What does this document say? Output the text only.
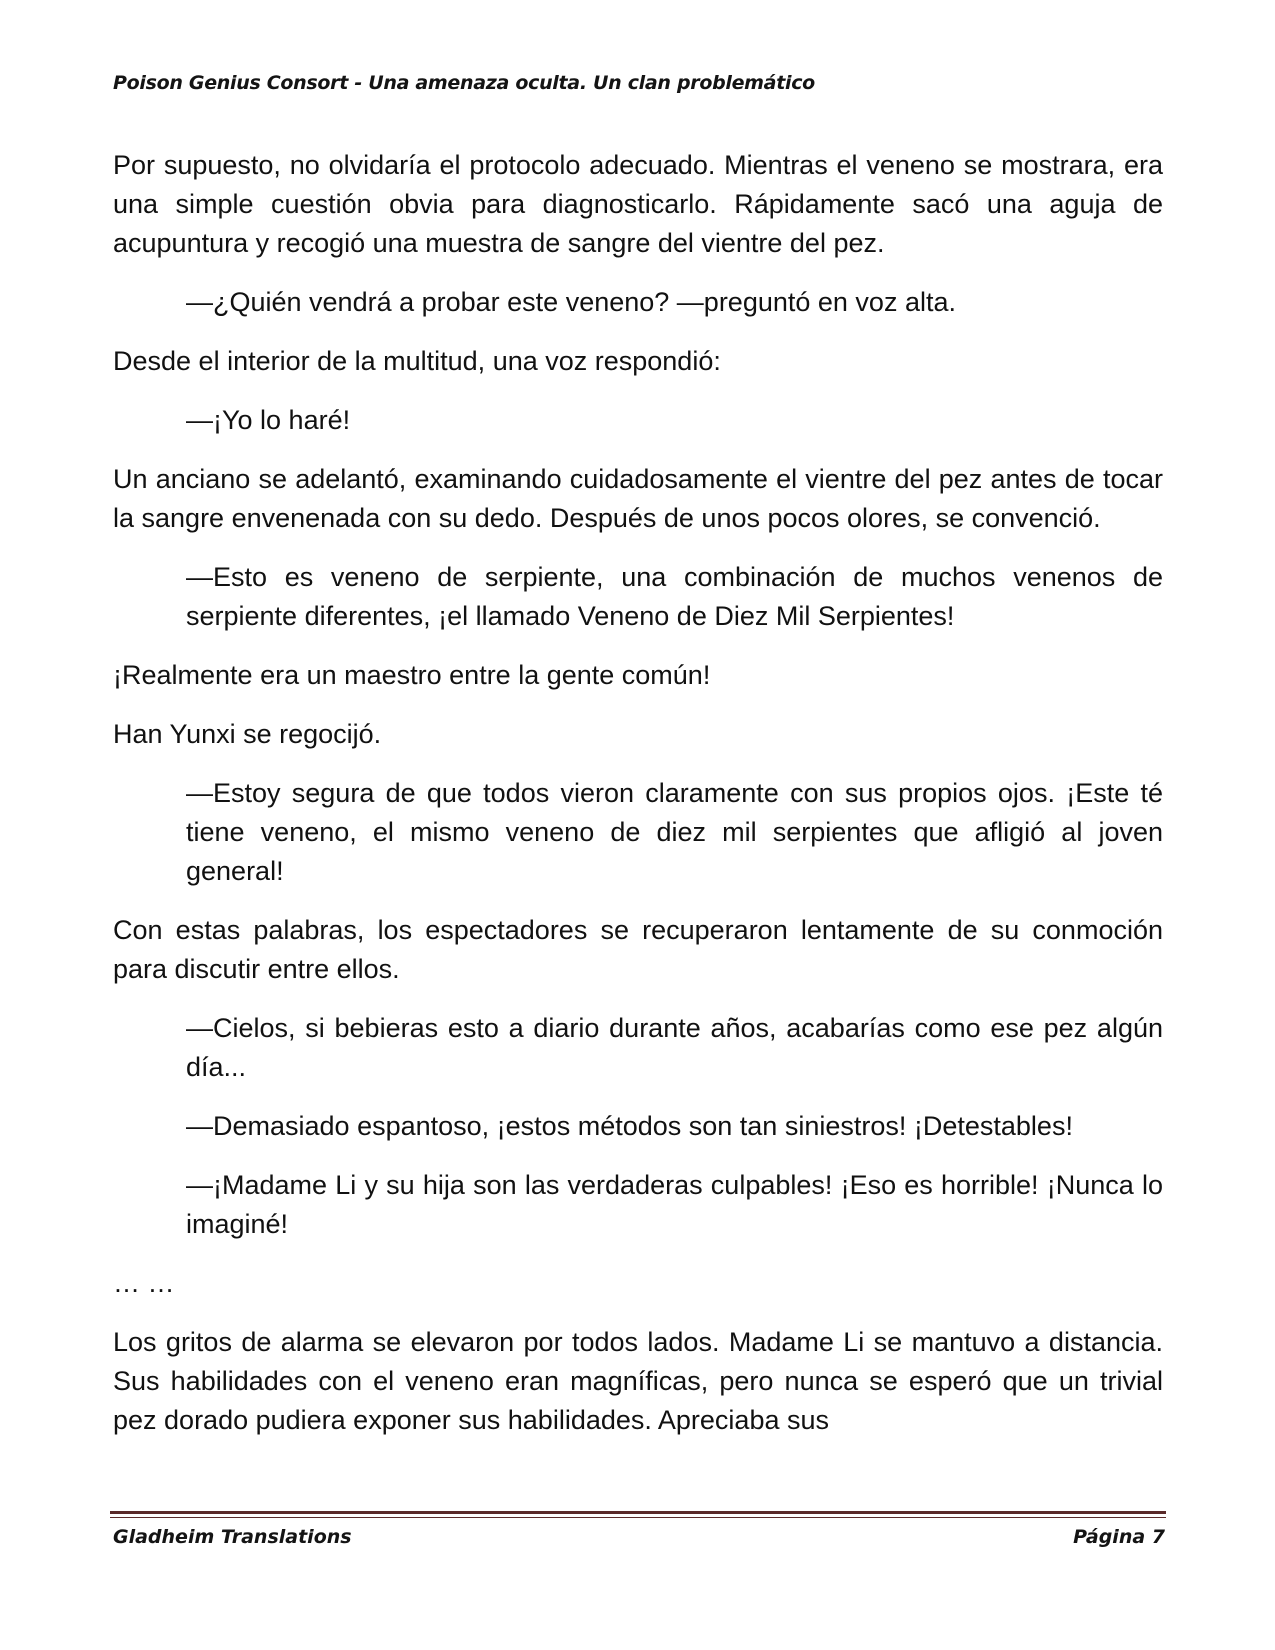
Poison Genius Consort - Una amenaza oculta. Un clan problemático

Por supuesto, no olvidaría el protocolo adecuado. Mientras el veneno se mostrara, era una simple cuestión obvia para diagnosticarlo. Rápidamente sacó una aguja de acupuntura y recogió una muestra de sangre del vientre del pez.

—¿Quién vendrá a probar este veneno? —preguntó en voz alta.

Desde el interior de la multitud, una voz respondió:

—¡Yo lo haré!

Un anciano se adelantó, examinando cuidadosamente el vientre del pez antes de tocar la sangre envenenada con su dedo. Después de unos pocos olores, se convenció.

—Esto es veneno de serpiente, una combinación de muchos venenos de serpiente diferentes, ¡el llamado Veneno de Diez Mil Serpientes!

¡Realmente era un maestro entre la gente común!

Han Yunxi se regocijó.

—Estoy segura de que todos vieron claramente con sus propios ojos. ¡Este té tiene veneno, el mismo veneno de diez mil serpientes que afligió al joven general!

Con estas palabras, los espectadores se recuperaron lentamente de su conmoción para discutir entre ellos.

—Cielos, si bebieras esto a diario durante años, acabarías como ese pez algún día...

—Demasiado espantoso, ¡estos métodos son tan siniestros! ¡Detestables!

—¡Madame Li y su hija son las verdaderas culpables! ¡Eso es horrible! ¡Nunca lo imaginé!

… …

Los gritos de alarma se elevaron por todos lados. Madame Li se mantuvo a distancia. Sus habilidades con el veneno eran magníficas, pero nunca se esperó que un trivial pez dorado pudiera exponer sus habilidades. Apreciaba sus

Gladheim Translations	Página 7
